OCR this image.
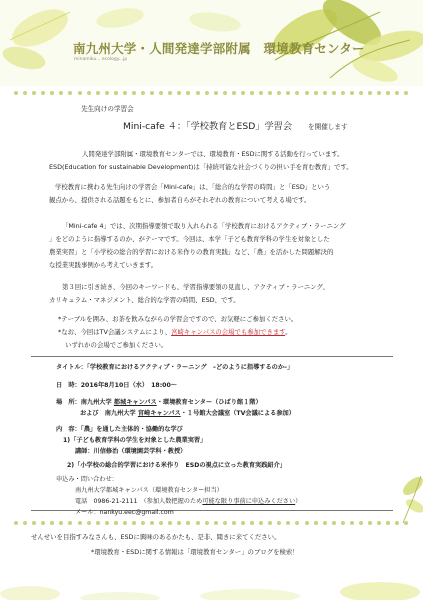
南九州大学・人間発達学部附属　環境教育センター
minamiku... ecology...jp
先生向けの学習会
Mini-cafe ４：「学校教育とESD」学習会 を開催します
人間発達学部附属・環境教育センターでは、環境教育・ESDに関する活動を行っています。
ESD(Education for sustainable Development)は「持続可能な社会づくりの担い手を育む教育」です。
学校教育に携わる先生向けの学習会「Mini-cafe」は、「総合的な学習の時間」と「ESD」という
観点から、提供される話題をもとに、参加者自らがそれぞれの教育について考える場です。
「Mini-cafe 4」では、次期指導要領で取り入れられる「学校教育におけるアクティブ・ラーニング
」をどのように指導するのか、がテーマです。今回は、本学「子ども教育学科の学生を対象とした
農業実習」と「小学校の総合的学習における米作りの教育実践」など、「農」を活かした問題解決的
な授業実践事例から考えていきます。
第３回に引き続き、今回のキーワードも、学習指導要領の見直し、アクティブ・ラーニング、
カリキュラム・マネジメント、総合的な学習の時間、ESD、です。
*テーブルを囲み、お茶を飲みながらの学習会ですので、お気軽にご参加ください。
*なお、今回はTV会議システムにより、宮崎キャンパスの会場でも参加できます。
いずれかの会場でご参加ください。
タイトル：「学校教育におけるアクティブ・ラーニング　–どのように指導するのか–」
日　時：2016年8月10日（水）　18:00〜
場　所：南九州大学 都城キャンパス・環境教育センター（ひばり館１階）
および　南九州大学 宮崎キャンパス・１号館大会議室（TV会議による参加）
内　容：「農」を通した主体的・協働的な学び
1)「子ども教育学科の学生を対象とした農業実習」
講師：川信修治（環境園芸学科・教授）
2)「小学校の総合的学習における米作り　ESDの視点に立った教育実践紹介」
申込み・問い合わせ：
南九州大学都城キャンパス（環境教育センター担当）
電話　0986-21-2111　（参加人数把握のため可能な限り事前に申込みください）
メール：nankyu.eec@gmail.com
せんせいを目指すみなさんも、ESDに興味のあるかたも、是非、聞きに来てください。
*環境教育・ESDに関する情報は「環境教育センター」のブログを検索！
